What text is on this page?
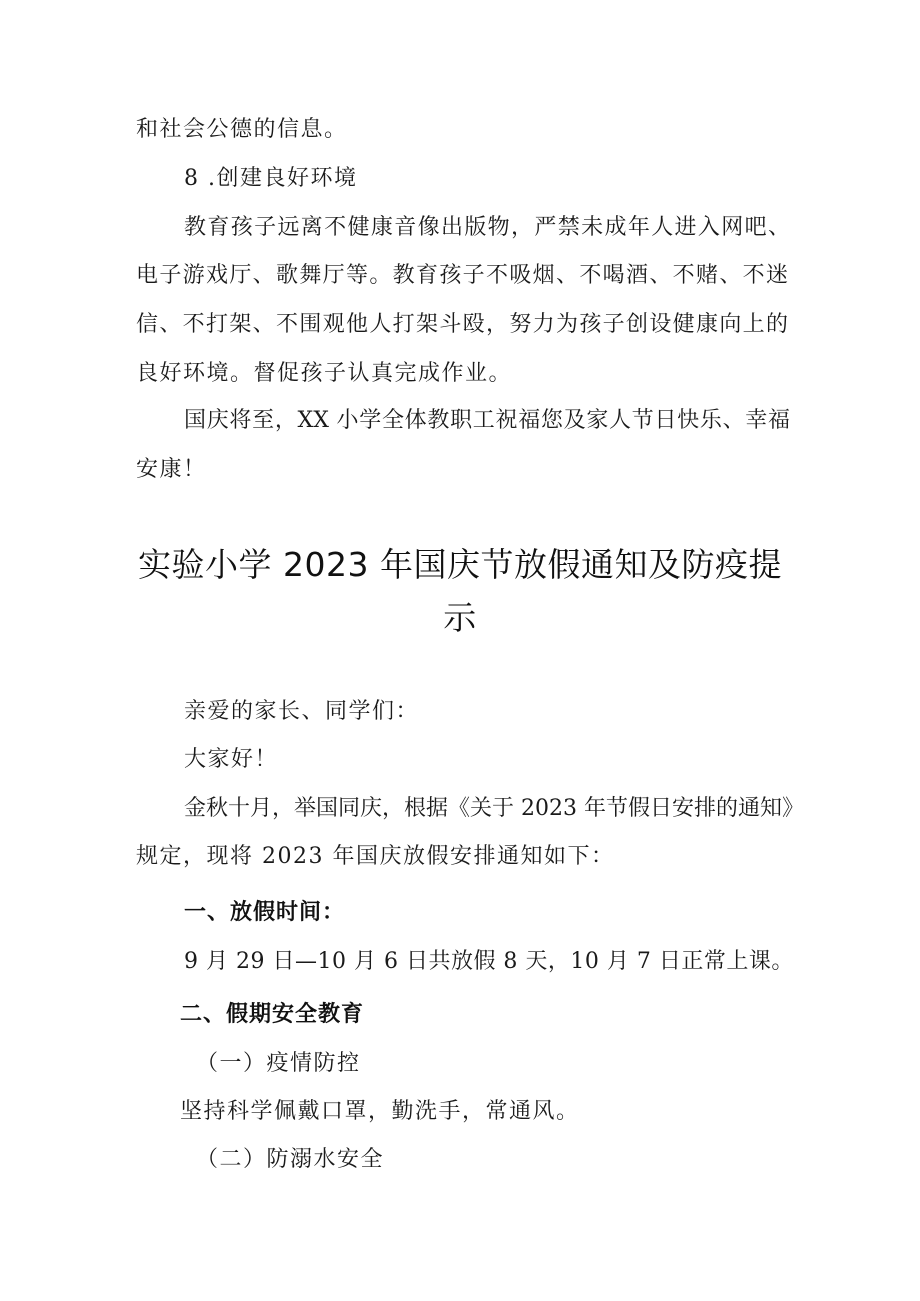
和社会公德的信息。
8 .创建良好环境
教育孩子远离不健康音像出版物，严禁未成年人进入网吧、
电子游戏厅、歌舞厅等。教育孩子不吸烟、不喝酒、不赌、不迷
信、不打架、不围观他人打架斗殴，努力为孩子创设健康向上的
良好环境。督促孩子认真完成作业。
国庆将至，XX 小学全体教职工祝福您及家人节日快乐、幸福
安康！
实验小学 2023 年国庆节放假通知及防疫提
示
亲爱的家长、同学们：
大家好！
金秋十月，举国同庆，根据《关于 2023 年节假日安排的通知》
规定，现将 2023 年国庆放假安排通知如下：
一、放假时间：
9 月 29 日—10 月 6 日共放假 8 天，10 月 7 日正常上课。
二、假期安全教育
（一）疫情防控
坚持科学佩戴口罩，勤洗手，常通风。
（二）防溺水安全
